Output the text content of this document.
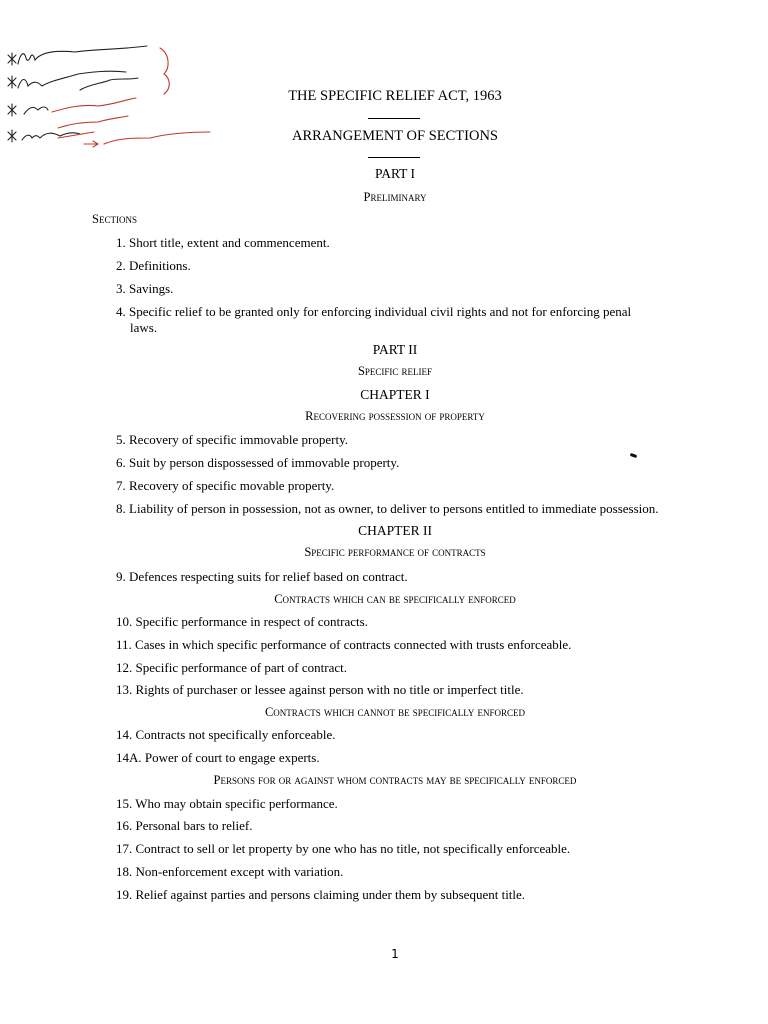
THE SPECIFIC RELIEF ACT, 1963
ARRANGEMENT OF SECTIONS
PART I
Preliminary
Sections
1. Short title, extent and commencement.
2. Definitions.
3. Savings.
4. Specific relief to be granted only for enforcing individual civil rights and not for enforcing penal
laws.
PART II
Specific relief
CHAPTER I
Recovering possession of property
5. Recovery of specific immovable property.
6. Suit by person dispossessed of immovable property.
7. Recovery of specific movable property.
8. Liability of person in possession, not as owner, to deliver to persons entitled to immediate possession.
CHAPTER II
Specific performance of contracts
9. Defences respecting suits for relief based on contract.
Contracts which can be specifically enforced
10. Specific performance in respect of contracts.
11. Cases in which specific performance of contracts connected with trusts enforceable.
12. Specific performance of part of contract.
13. Rights of purchaser or lessee against person with no title or imperfect title.
Contracts which cannot be specifically enforced
14. Contracts not specifically enforceable.
14A. Power of court to engage experts.
Persons for or against whom contracts may be specifically enforced
15. Who may obtain specific performance.
16. Personal bars to relief.
17. Contract to sell or let property by one who has no title, not specifically enforceable.
18. Non-enforcement except with variation.
19. Relief against parties and persons claiming under them by subsequent title.
1
